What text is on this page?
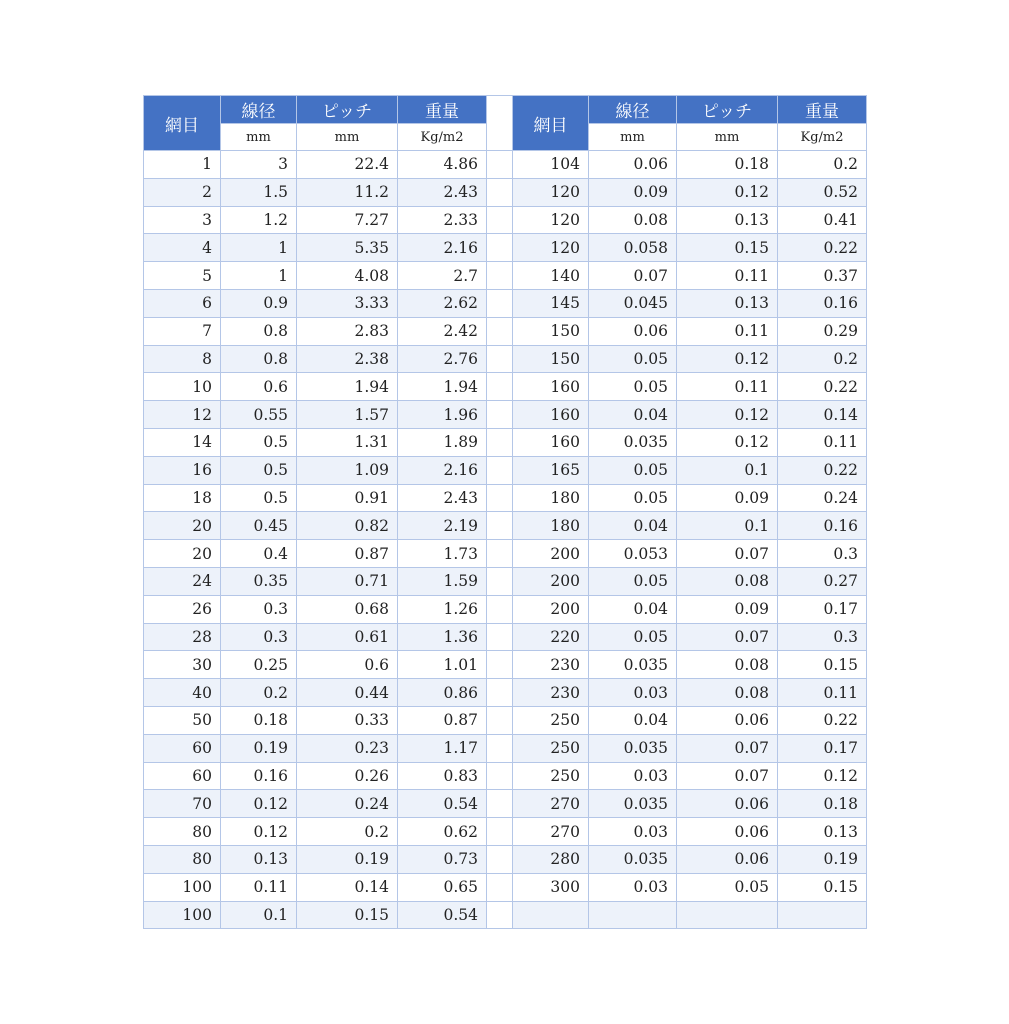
網目	線径	ピッチ	重量		網目	線径	ピッチ	重量
	mm	mm	Kg/m2			mm	mm	Kg/m2
1	3	22.4	4.86		104	0.06	0.18	0.2
2	1.5	11.2	2.43		120	0.09	0.12	0.52
3	1.2	7.27	2.33		120	0.08	0.13	0.41
4	1	5.35	2.16		120	0.058	0.15	0.22
5	1	4.08	2.7		140	0.07	0.11	0.37
6	0.9	3.33	2.62		145	0.045	0.13	0.16
7	0.8	2.83	2.42		150	0.06	0.11	0.29
8	0.8	2.38	2.76		150	0.05	0.12	0.2
10	0.6	1.94	1.94		160	0.05	0.11	0.22
12	0.55	1.57	1.96		160	0.04	0.12	0.14
14	0.5	1.31	1.89		160	0.035	0.12	0.11
16	0.5	1.09	2.16		165	0.05	0.1	0.22
18	0.5	0.91	2.43		180	0.05	0.09	0.24
20	0.45	0.82	2.19		180	0.04	0.1	0.16
20	0.4	0.87	1.73		200	0.053	0.07	0.3
24	0.35	0.71	1.59		200	0.05	0.08	0.27
26	0.3	0.68	1.26		200	0.04	0.09	0.17
28	0.3	0.61	1.36		220	0.05	0.07	0.3
30	0.25	0.6	1.01		230	0.035	0.08	0.15
40	0.2	0.44	0.86		230	0.03	0.08	0.11
50	0.18	0.33	0.87		250	0.04	0.06	0.22
60	0.19	0.23	1.17		250	0.035	0.07	0.17
60	0.16	0.26	0.83		250	0.03	0.07	0.12
70	0.12	0.24	0.54		270	0.035	0.06	0.18
80	0.12	0.2	0.62		270	0.03	0.06	0.13
80	0.13	0.19	0.73		280	0.035	0.06	0.19
100	0.11	0.14	0.65		300	0.03	0.05	0.15
100	0.1	0.15	0.54					
